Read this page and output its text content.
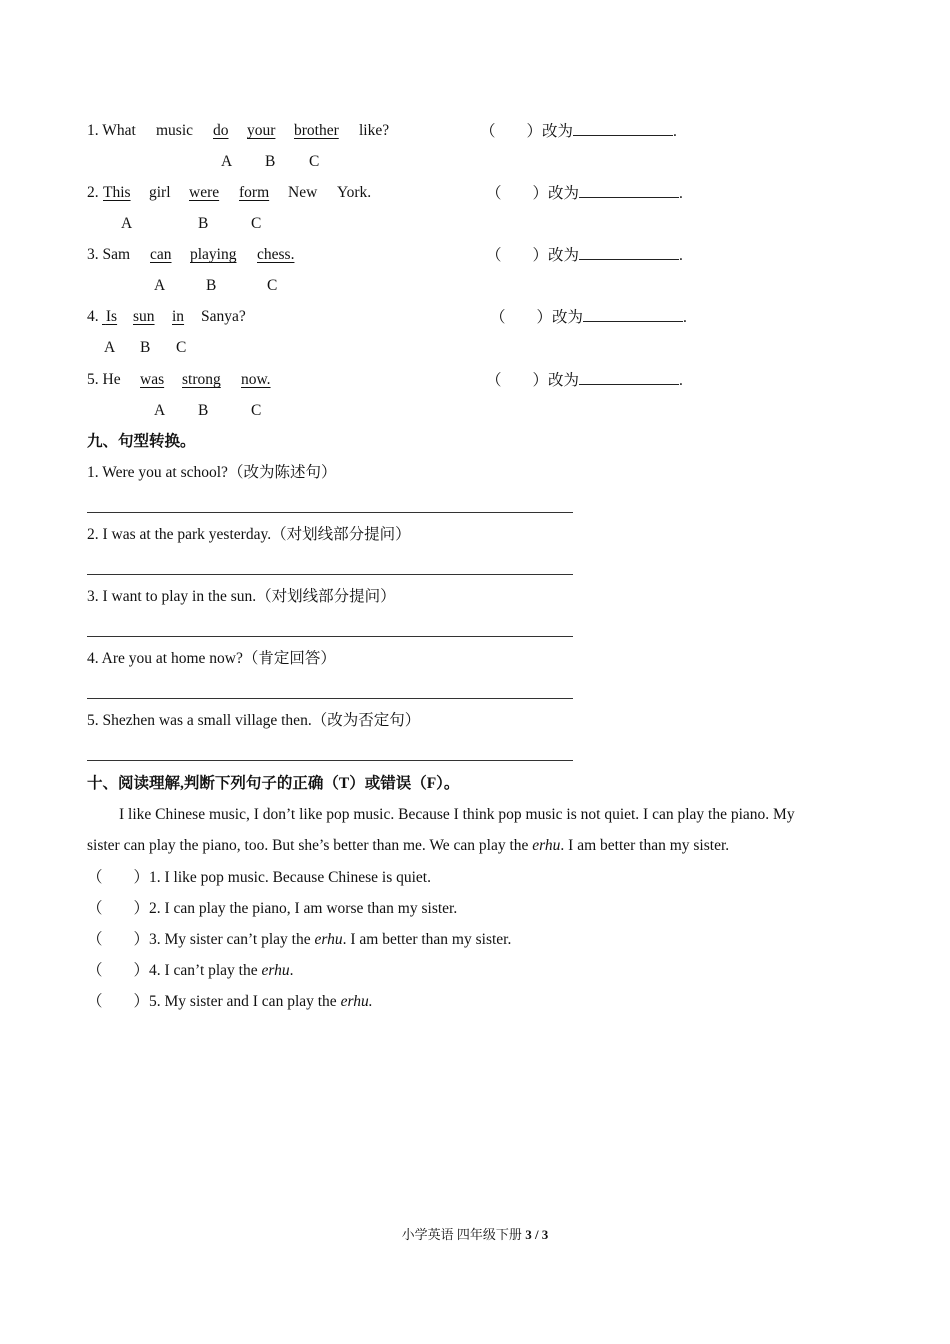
1. What music do your brother like?	（　　）改为	.
A B C
2. This girl were form New York.	（　　）改为	.
A	B	C
3. Sam can playing chess.	（　　）改为	.
A	B	C
4. Is sun in Sanya?	（　　）改为	.
A B C
5. He was strong now.	（　　）改为	.
A B	C
九、句型转换。
1. Were you at school?（改为陈述句）
2. I was at the park yesterday.（对划线部分提问）
3. I want to play in the sun.（对划线部分提问）
4. Are you at home now?（肯定回答）
5. Shezhen was a small village then.（改为否定句）
十、阅读理解,判断下列句子的正确（T）或错误（F）。
I like Chinese music, I don’t like pop music. Because I think pop music is not quiet. I can play the piano. My
sister can play the piano, too. But she’s better than me. We can play the erhu. I am better than my sister.
（　　）1. I like pop music. Because Chinese is quiet.
（　　）2. I can play the piano, I am worse than my sister.
（　　）3. My sister can’t play the erhu. I am better than my sister.
（　　）4. I can’t play the erhu.
（　　）5. My sister and I can play the erhu.
小学英语 四年级下册 3 / 3
